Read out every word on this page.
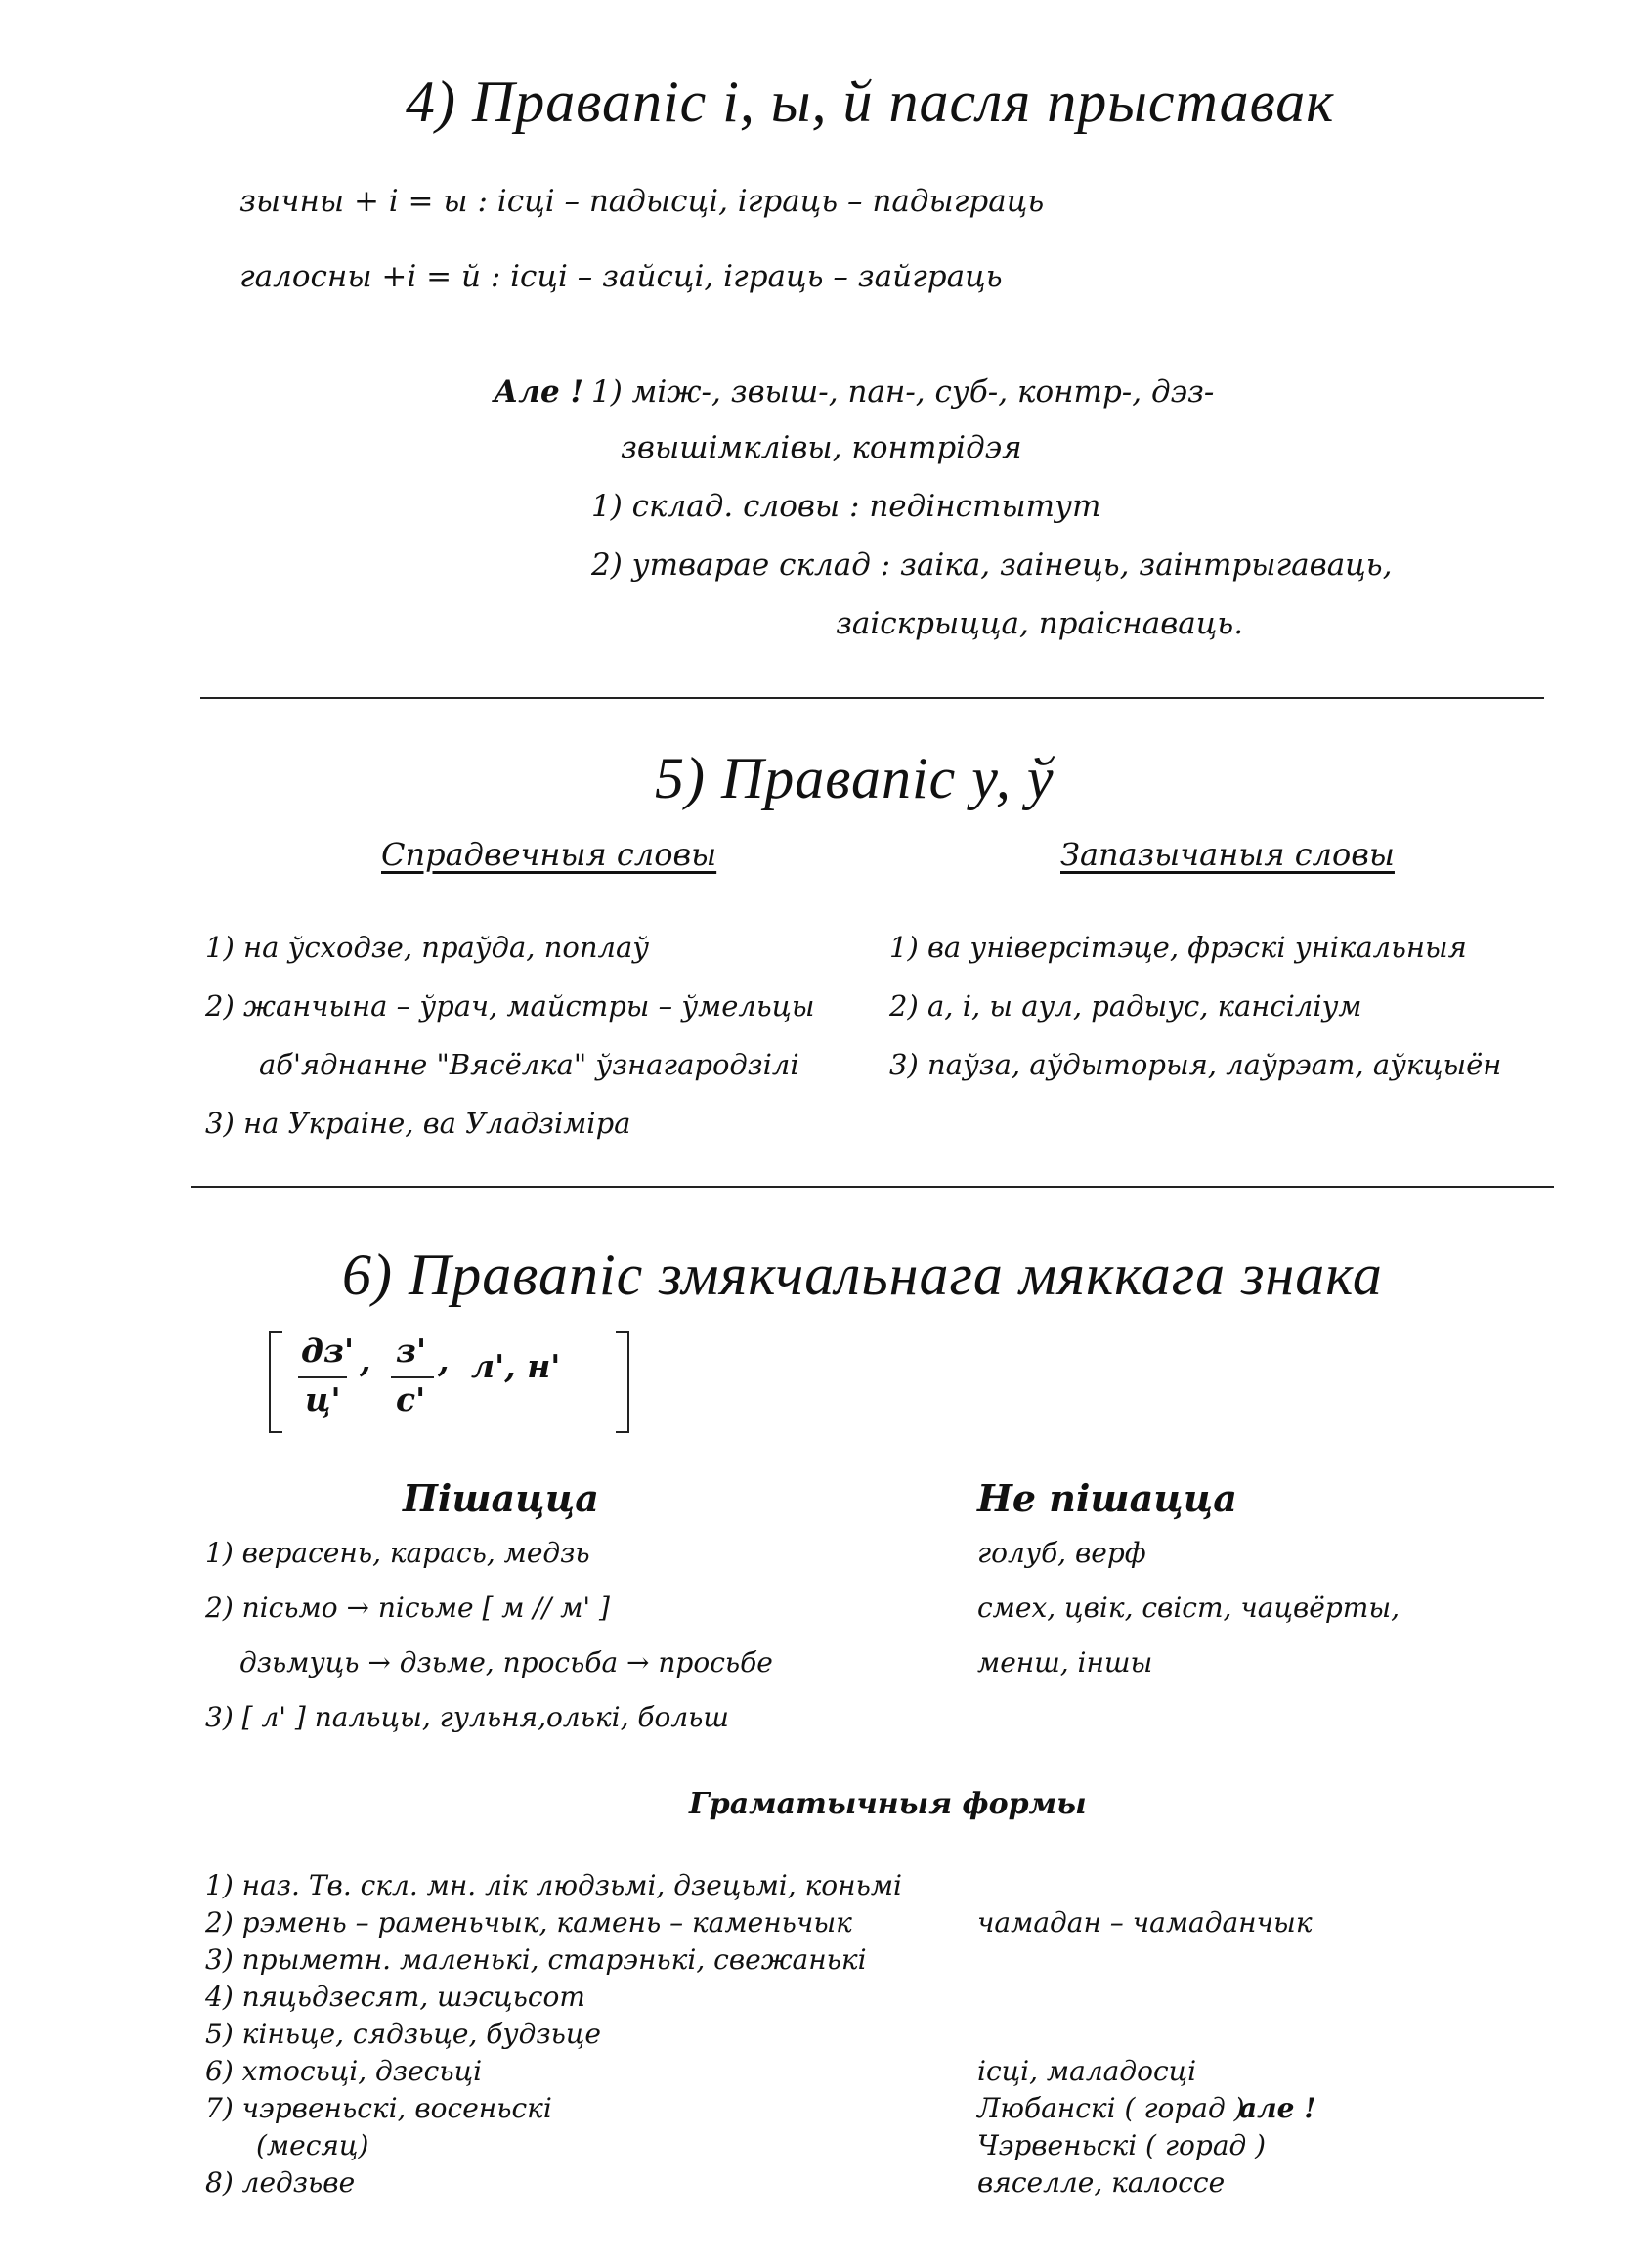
4) Правапіс і, ы, й пасля прыставак
зычны + і = ы : ісці – падысці, іграць – падыграць
галосны +і = й : ісці – зайсці, іграць – зайграць
Але ! 1) між-, звыш-, пан-, суб-, контр-, дэз-
звышімклівы, контрідэя
1) склад. словы : педінстытут
2) утварае склад : заіка, заінець, заінтрыгаваць,
заіскрыцца, праіснаваць.
5) Правапіс у, ў
Спрадвечныя словы	Запазычаныя словы
1) на ўсходзе, праўда, поплаў
2) жанчына – ўрач, майстры – ўмельцы
аб'яднанне "Вясёлка" ўзнагародзілі
3) на Украіне, ва Уладзіміра
1) ва універсітэце, фрэскі унікальныя
2) а, і, ы аул, радыус, кансіліум
3) паўза, аўдыторыя, лаўрэат, аўкцыён
6) Правапіс змякчальнага мяккага знака
дз'
ц'
, з'
с'
, л', н'
Пішацца	Не пішацца
1) верасень, карась, медзь
2) пісьмо → пісьме [ м // м' ]
дзьмуць → дзьме, просьба → просьбе
3) [ л' ] пальцы, гульня,олькі, больш
голуб, верф
смех, цвік, свіст, чацвёрты,
менш, іншы
Граматычныя формы
1) наз. Тв. скл. мн. лік людзьмі, дзецьмі, коньмі
2) рэмень – раменьчык, камень – каменьчык
3) прыметн. маленькі, старэнькі, свежанькі
4) пяцьдзесят, шэсцьсот
5) кіньце, сядзьце, будзьце
6) хтосьці, дзесьці
7) чэрвеньскі, восеньскі
(месяц)
8) ледзьве
чамадан – чамаданчык
ісці, маладосці
Любанскі ( горад )
але !
Чэрвеньскі ( горад )
вяселле, калоссе
